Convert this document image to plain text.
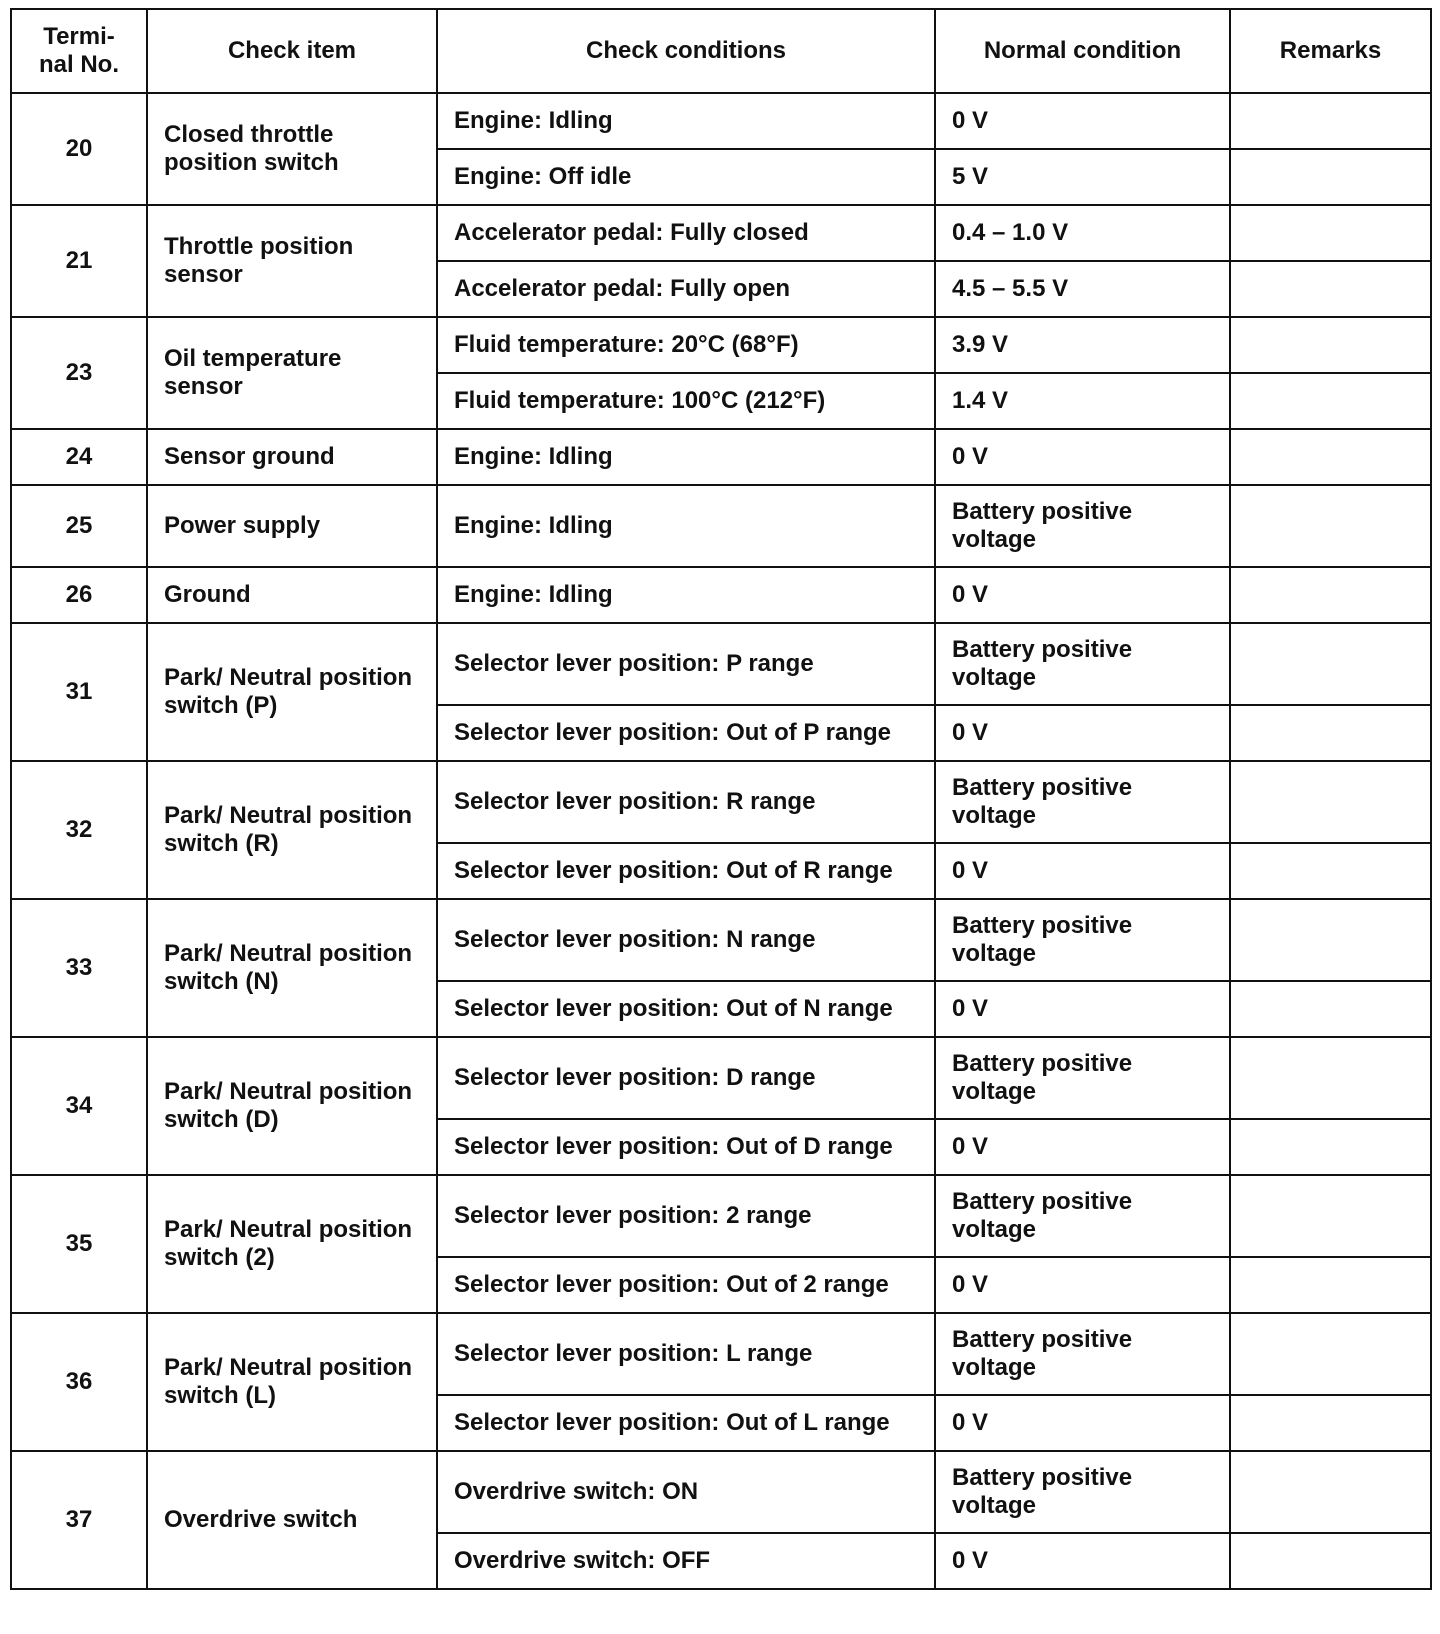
Termi-
nal No.	Check item	Check conditions	Normal condition	Remarks
20	Closed throttle position switch	Engine: Idling	0 V	
		Engine: Off idle	5 V	
21	Throttle position sensor	Accelerator pedal: Fully closed	0.4 – 1.0 V	
		Accelerator pedal: Fully open	4.5 – 5.5 V	
23	Oil temperature sensor	Fluid temperature: 20°C (68°F)	3.9 V	
		Fluid temperature: 100°C (212°F)	1.4 V	
24	Sensor ground	Engine: Idling	0 V	
25	Power supply	Engine: Idling	Battery positive voltage	
26	Ground	Engine: Idling	0 V	
31	Park/ Neutral position switch (P)	Selector lever position: P range	Battery positive voltage	
		Selector lever position: Out of P range	0 V	
32	Park/ Neutral position switch (R)	Selector lever position: R range	Battery positive voltage	
		Selector lever position: Out of R range	0 V	
33	Park/ Neutral position switch (N)	Selector lever position: N range	Battery positive voltage	
		Selector lever position: Out of N range	0 V	
34	Park/ Neutral position switch (D)	Selector lever position: D range	Battery positive voltage	
		Selector lever position: Out of D range	0 V	
35	Park/ Neutral position switch (2)	Selector lever position: 2 range	Battery positive voltage	
		Selector lever position: Out of 2 range	0 V	
36	Park/ Neutral position switch (L)	Selector lever position: L range	Battery positive voltage	
		Selector lever position: Out of L range	0 V	
37	Overdrive switch	Overdrive switch: ON	Battery positive voltage	
		Overdrive switch: OFF	0 V	
